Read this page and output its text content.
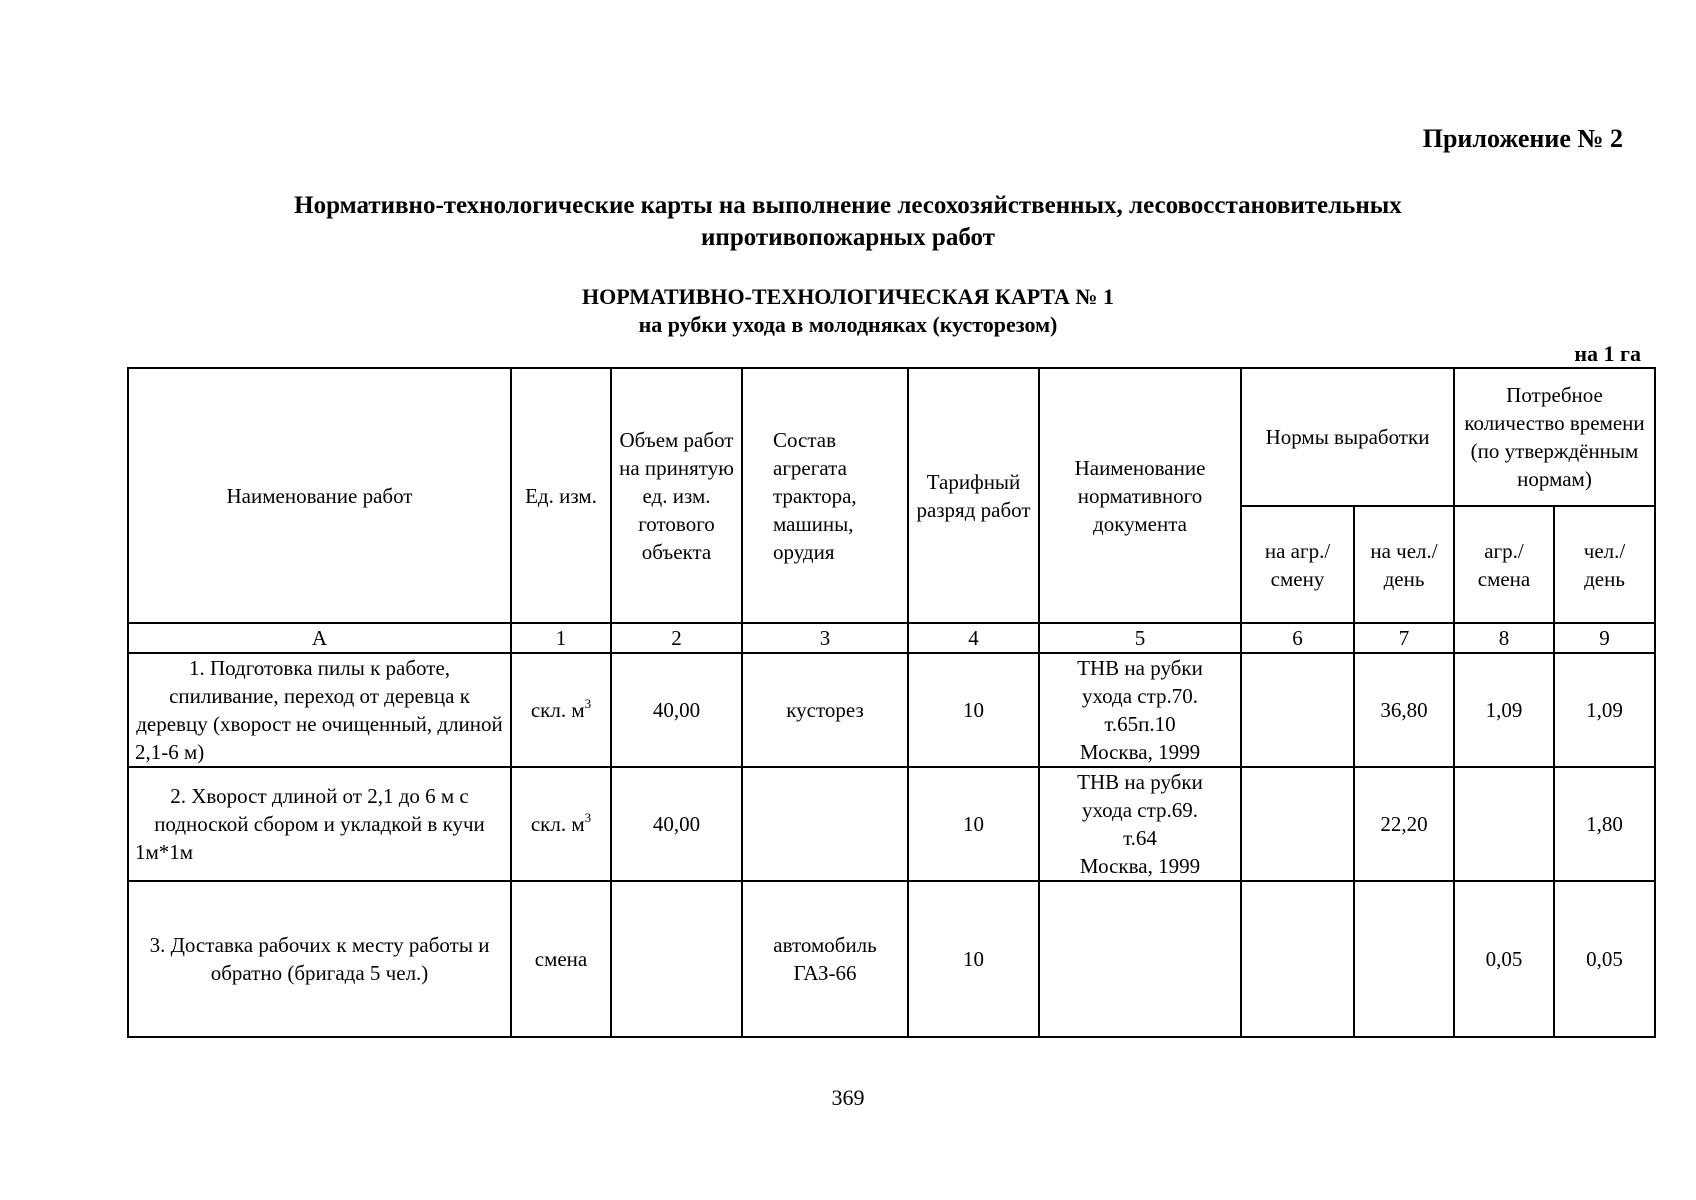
Приложение № 2
Нормативно-технологические карты на выполнение лесохозяйственных, лесовосстановительных
ипротивопожарных работ
НОРМАТИВНО-ТЕХНОЛОГИЧЕСКАЯ КАРТА № 1
на рубки ухода в молодняках (кусторезом)
на 1 га
Наименование работ	Ед. изм.	Объем работ на принятую ед. изм. готового объекта	Состав агрегата трактора, машины, орудия	Тарифный разряд работ	Наименование нормативного документа	Нормы выработки		Потребное количество времени (по утверждённым нормам)	
						на агр./ смену	на чел./ день	агр./ смена	чел./ день
А	1	2	3	4	5	6	7	8	9
1. Подготовка пилы к работе, спиливание, переход от деревца к деревцу (хворост не очищенный, длиной 2,1-6 м)	скл. $м^3$	40,00	кусторез	10	ТНВ на рубки
ухода стр.70.
т.65п.10
Москва, 1999		36,80	1,09	1,09
2. Хворост длиной от 2,1 до 6 м с подноской сбором и укладкой в кучи 1м*1м	скл. $м^3$	40,00		10	ТНВ на рубки
ухода стр.69.
т.64
Москва, 1999		22,20		1,80
3. Доставка рабочих к месту работы и обратно (бригада 5 чел.)	смена		автомобиль ГАЗ-66	10				0,05	0,05
369
